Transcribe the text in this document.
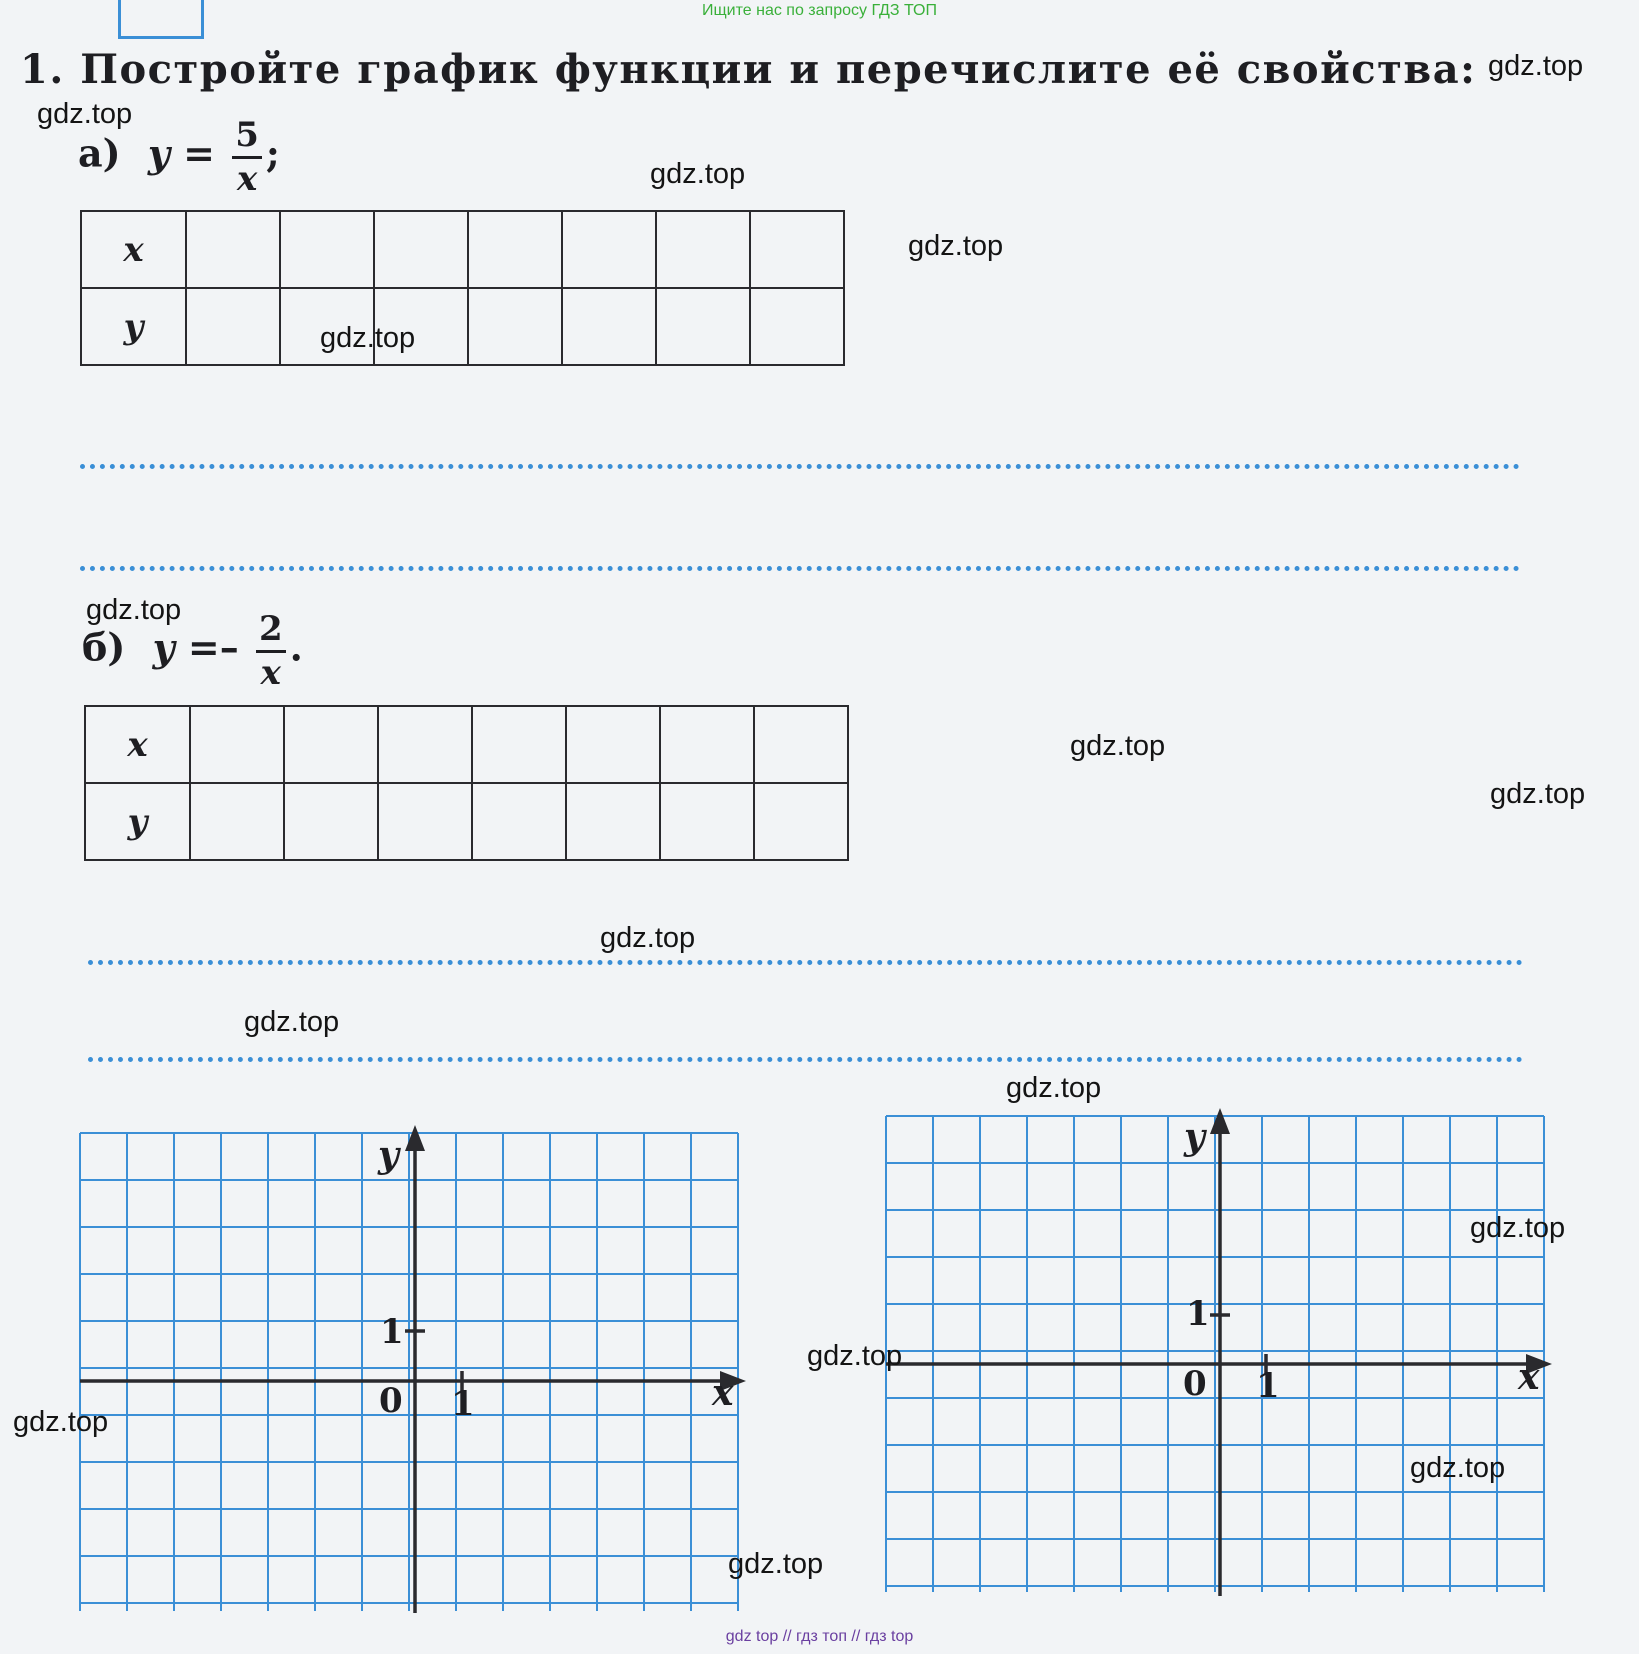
Ищите нас по запросу ГДЗ ТОП
1. Постройте график функции и перечислите её свойства:
а) $y = \frac{5}{x}$ ;
x							
y							
б) $y =- \frac{2}{x}$ .
x							
y							
1
0 1
y
x
1
0 1
y
x
gdz.top
gdz.top
gdz.top
gdz.top
gdz.top
gdz.top
gdz.top
gdz.top
gdz.top
gdz.top
gdz.top
gdz.top
gdz.top
gdz.top
gdz.top
gdz.top
gdz top // гдз топ // гдз top
